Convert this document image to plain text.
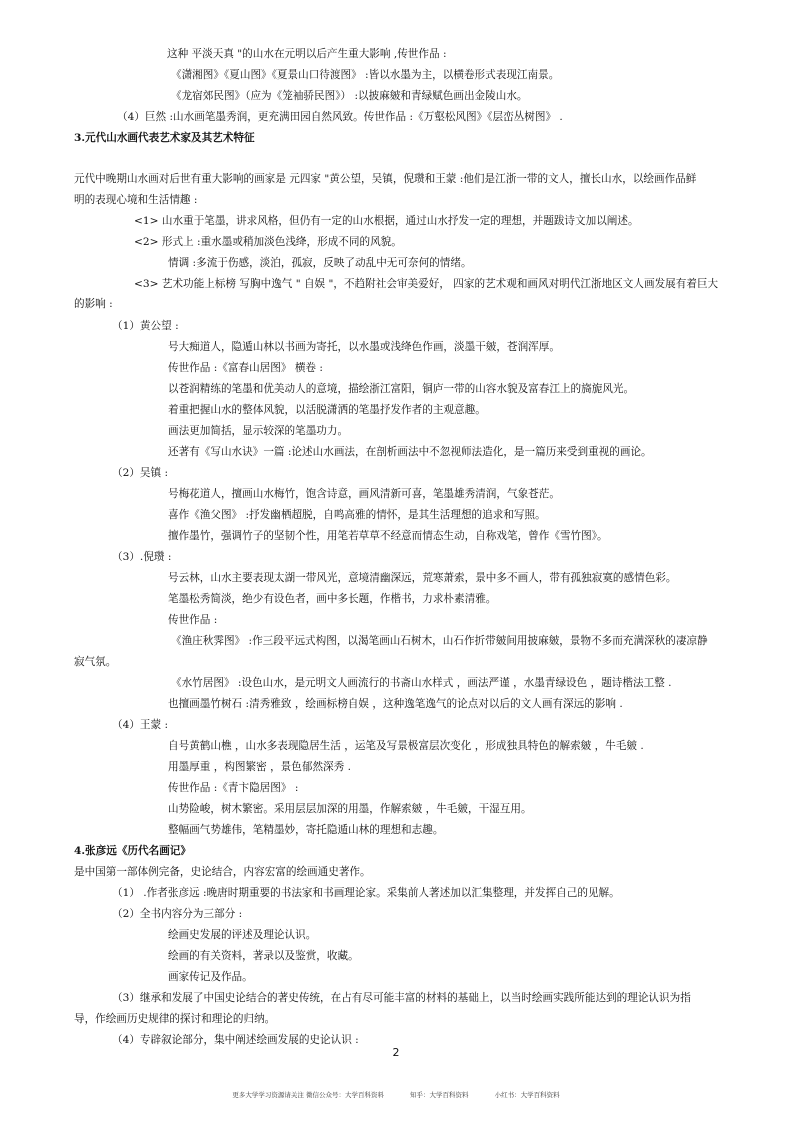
这种 平淡天真 "的山水在元明以后产生重大影响 ,传世作品 :
《潇湘图》《夏山图》《夏景山口待渡图》 :皆以水墨为主，以横卷形式表现江南景。
《龙宿郊民图》（应为《笼袖骄民图》） :以披麻皴和青绿赋色画出金陵山水。
（4）巨然 :山水画笔墨秀润，更充满田园自然风致。传世作品 :《万壑松风图》《层峦丛树图》 .
3.元代山水画代表艺术家及其艺术特征
元代中晚期山水画对后世有重大影响的画家是 元四家 "黄公望，吴镇，倪瓒和王蒙 :他们是江浙一带的文人，擅长山水，以绘画作品鲜
明的表现心境和生活情趣 :
<1> 山水重于笔墨，讲求风格，但仍有一定的山水根据，通过山水抒发一定的理想，并题跋诗文加以阐述。
<2> 形式上 :重水墨或稍加淡色浅绛，形成不同的风貌。
情调 :多流于伤感，淡泊，孤寂，反映了动乱中无可奈何的情绪。
<3> 艺术功能上标榜 写胸中逸气 " 自娱 "，不趋附社会审美爱好， 四家的艺术观和画风对明代江浙地区文人画发展有着巨大
的影响 :
（1）黄公望 :
号大痴道人，隐遁山林以书画为寄托，以水墨或浅绛色作画，淡墨干皴，苍润浑厚。
传世作品 :《富春山居图》 横卷 :
以苍润精练的笔墨和优美动人的意境，描绘浙江富阳，铜庐一带的山容水貌及富春江上的旖旎风光。
着重把握山水的整体风貌，以活脱潇洒的笔墨抒发作者的主观意趣。
画法更加简括，显示较深的笔墨功力。
还著有《写山水诀》一篇 :论述山水画法，在剖析画法中不忽视师法造化，是一篇历来受到重视的画论。
（2）吴镇 :
号梅花道人，擅画山水梅竹，饱含诗意，画风清新可喜，笔墨雄秀清润，气象苍茫。
喜作《渔父图》 :抒发幽栖超脱，自鸣高雅的情怀，是其生活理想的追求和写照。
擅作墨竹，强调竹子的坚韧个性，用笔若草草不经意而情态生动，自称戏笔，曾作《雪竹图》。
（3）.倪瓒 :
号云林，山水主要表现太湖一带风光，意境清幽深远，荒寒萧索，景中多不画人，带有孤独寂寞的感情色彩。
笔墨松秀简淡，绝少有设色者，画中多长题，作楷书，力求朴素清雅。
传世作品 :
《渔庄秋霁图》 :作三段平远式构图，以渴笔画山石树木，山石作折带皴间用披麻皴，景物不多而充满深秋的凄凉静
寂气氛。
《水竹居图》 :设色山水，是元明文人画流行的书斋山水样式 ，画法严谨 ，水墨青绿设色 ，题诗楷法工整 .
也擅画墨竹树石 :清秀雅致 ，绘画标榜自娱 ，这种逸笔逸气的论点对以后的文人画有深远的影响 .
（4）王蒙 :
自号黄鹤山樵 ，山水多表现隐居生活 ，运笔及写景极富层次变化 ，形成独具特色的解索皴 ，牛毛皴 .
用墨厚重 ，构图繁密 ，景色郁然深秀 .
传世作品 :《青卞隐居图》 :
山势险峻，树木繁密。采用层层加深的用墨，作解索皴 ，牛毛皴，干湿互用。
整幅画气势雄伟，笔精墨妙，寄托隐遁山林的理想和志趣。
4.张彦远《历代名画记》
是中国第一部体例完备，史论结合，内容宏富的绘画通史著作。
（1） .作者张彦远 :晚唐时期重要的书法家和书画理论家。采集前人著述加以汇集整理，并发挥自己的见解。
（2）全书内容分为三部分 :
绘画史发展的评述及理论认识。
绘画的有关资料，著录以及鉴赏，收藏。
画家传记及作品。
（3）继承和发展了中国史论结合的著史传统，在占有尽可能丰富的材料的基础上，以当时绘画实践所能达到的理论认识为指
导，作绘画历史规律的探讨和理论的归纳。
（4）专辟叙论部分，集中阐述绘画发展的史论认识 :
2
更多大学学习资源请关注 微信公众号：大学百科资料	知乎：大学百科资料	小红书：大学百科资料
